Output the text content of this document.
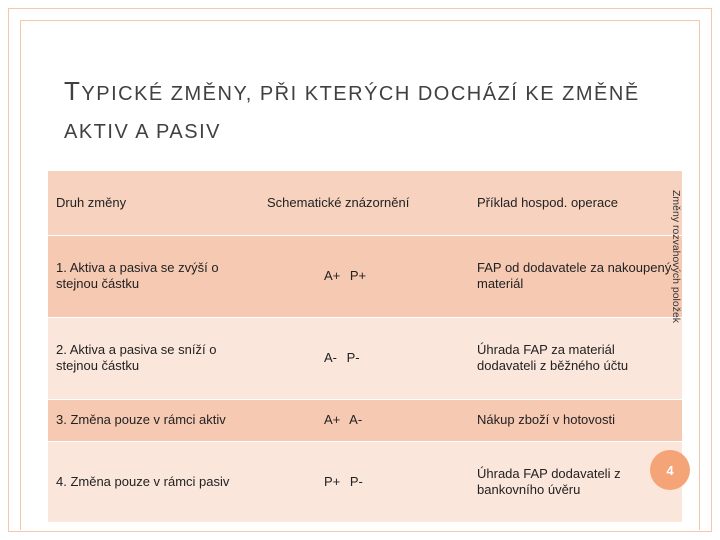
TYPICKÉ ZMĚNY, PŘI KTERÝCH DOCHÁZÍ KE ZMĚNĚ AKTIV A PASIV
Druh změny	Schematické znázornění	Příklad hospod. operace
1. Aktiva a pasiva se zvýší o stejnou částku	A+ P+	FAP od dodavatele za nakoupený materiál
2. Aktiva a pasiva se sníží o stejnou částku	A- P-	Úhrada FAP za materiál dodavateli z běžného účtu
3. Změna pouze v rámci aktiv	A+ A-	Nákup zboží v hotovosti
4. Změna pouze v rámci pasiv	P+ P-	Úhrada FAP dodavateli z bankovního úvěru
Změny rozvahových položek
4
